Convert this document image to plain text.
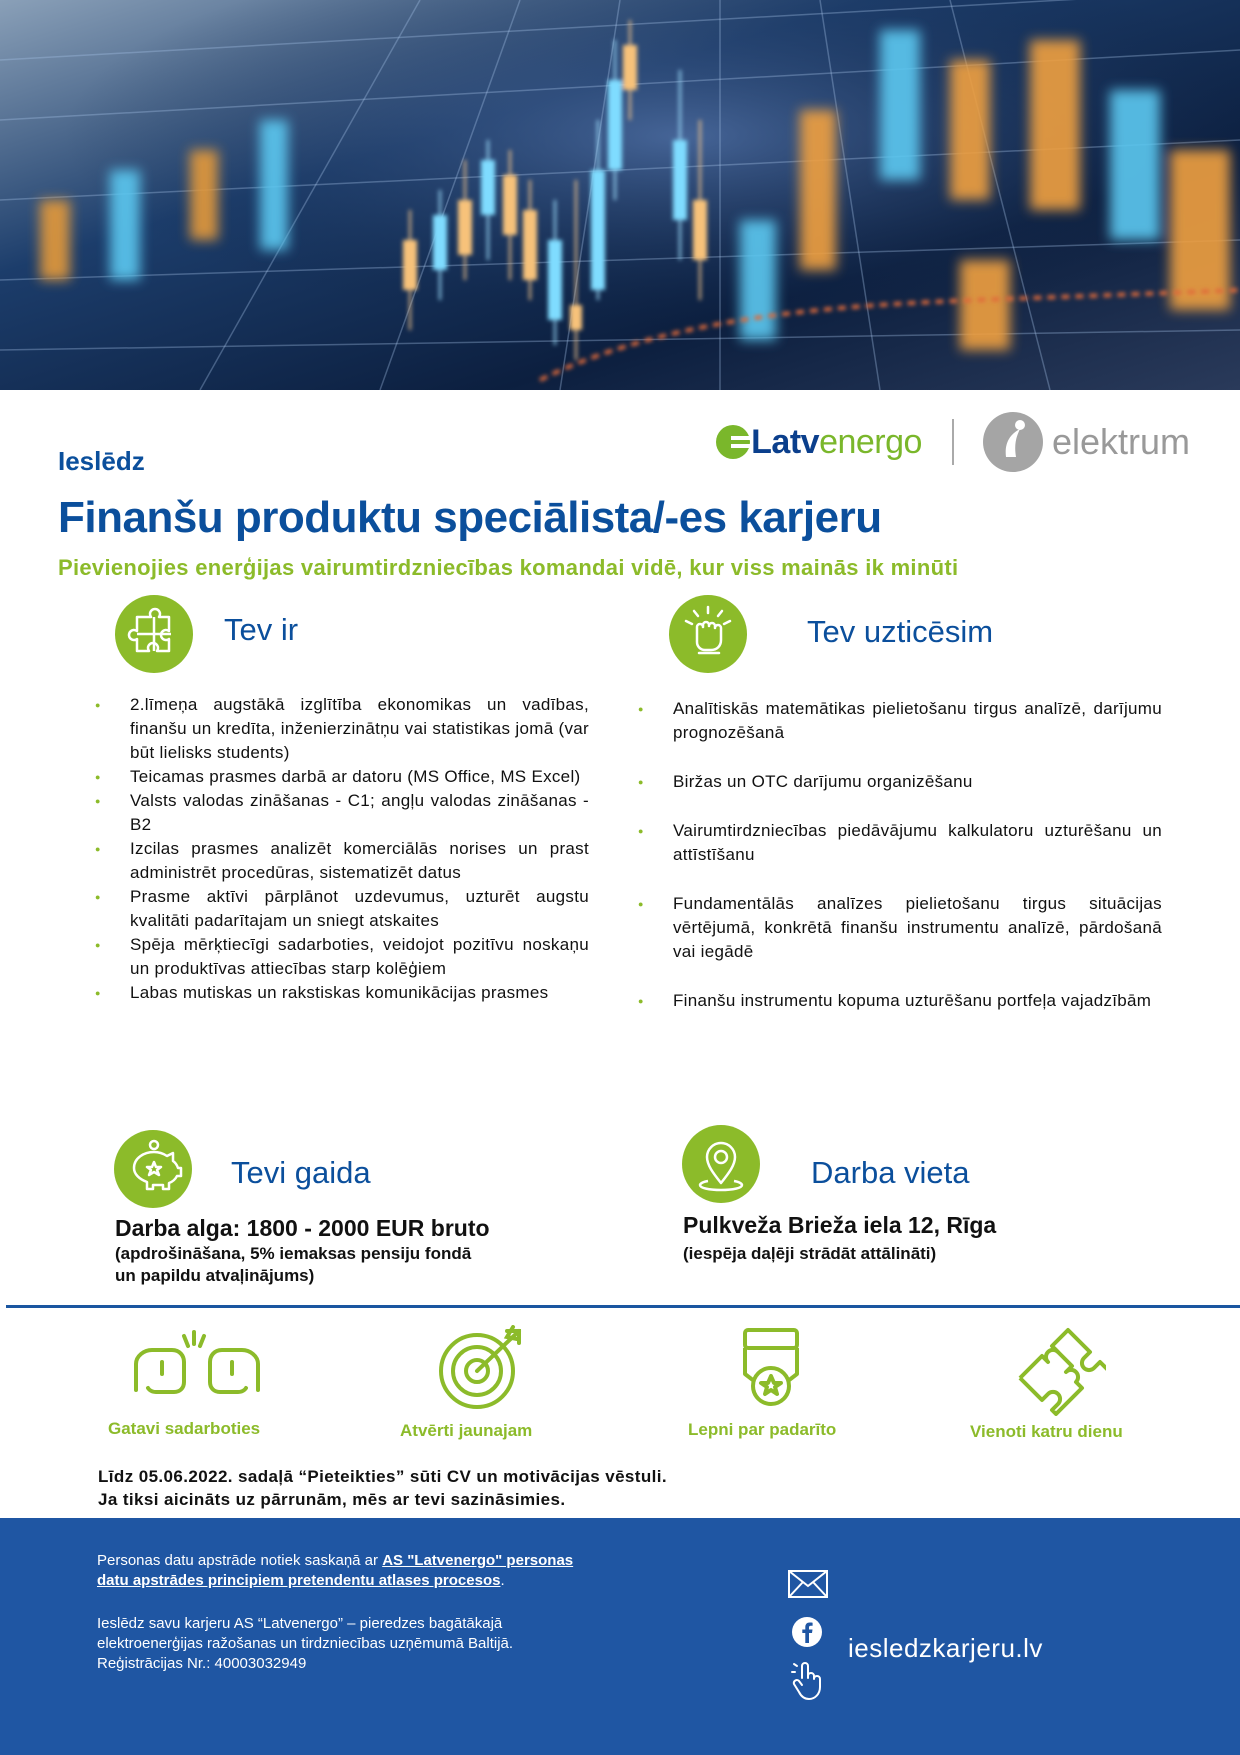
Latvenergo	elektrum
Ieslēdz
Finanšu produktu speciālista/-es karjeru
Pievienojies enerģijas vairumtirdzniecības komandai vidē, kur viss mainās ik minūti
Tev ir
● 2.līmeņa augstākā izglītība ekonomikas un vadības, finanšu un kredīta, inženierzinātņu vai statistikas jomā (var būt lielisks students)
● Teicamas prasmes darbā ar datoru (MS Office, MS Excel)
● Valsts valodas zināšanas - C1; angļu valodas zināšanas - B2
● Izcilas prasmes analizēt komerciālās norises un prast administrēt procedūras, sistematizēt datus
● Prasme aktīvi pārplānot uzdevumus, uzturēt augstu kvalitāti padarītajam un sniegt atskaites
● Spēja mērķtiecīgi sadarboties, veidojot pozitīvu noskaņu un produktīvas attiecības starp kolēģiem
● Labas mutiskas un rakstiskas komunikācijas prasmes
Tev uzticēsim
● Analītiskās matemātikas pielietošanu tirgus analīzē, darījumu prognozēšanā
● Biržas un OTC darījumu organizēšanu
● Vairumtirdzniecības piedāvājumu kalkulatoru uzturēšanu un attīstīšanu
● Fundamentālās analīzes pielietošanu tirgus situācijas vērtējumā, konkrētā finanšu instrumentu analīzē, pārdošanā vai iegādē
● Finanšu instrumentu kopuma uzturēšanu portfeļa vajadzībām
Tevi gaida
Darba alga: 1800 - 2000 EUR bruto
(apdrošināšana, 5% iemaksas pensiju fondā
un papildu atvaļinājums)
Darba vieta
Pulkveža Brieža iela 12, Rīga
(iespēja daļēji strādāt attālināti)
Gatavi sadarboties	Atvērti jaunajam	Lepni par padarīto	Vienoti katru dienu
Līdz 05.06.2022. sadaļā “Pieteikties” sūti CV un motivācijas vēstuli.
Ja tiksi aicināts uz pārrunām, mēs ar tevi sazināsimies.
Personas datu apstrāde notiek saskaņā ar AS "Latvenergo" personas
datu apstrādes principiem pretendentu atlases procesos.
Ieslēdz savu karjeru AS “Latvenergo” – pieredzes bagātākajā
elektroenerģijas ražošanas un tirdzniecības uzņēmumā Baltijā.
Reģistrācijas Nr.: 40003032949
iesledzkarjeru.lv
